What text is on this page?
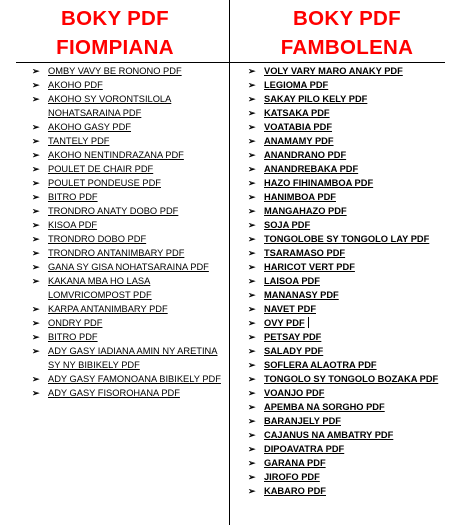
BOKY PDF
FIOMPIANA
BOKY PDF
FAMBOLENA
➢ OMBY VAVY BE RONONO PDF
➢ AKOHO PDF
➢ AKOHO SY VORONTSILOLA NOHATSARAINA PDF
➢ AKOHO GASY PDF
➢ TANTELY PDF
➢ AKOHO NENTINDRAZANA PDF
➢ POULET DE CHAIR PDF
➢ POULET PONDEUSE PDF
➢ BITRO PDF
➢ TRONDRO ANATY DOBO PDF
➢ KISOA PDF
➢ TRONDRO DOBO PDF
➢ TRONDRO ANTANIMBARY PDF
➢ GANA SY GISA NOHATSARAINA PDF
➢ KAKANA MBA HO LASA LOMVRICOMPOST PDF
➢ KARPA ANTANIMBARY PDF
➢ ONDRY PDF
➢ BITRO PDF
➢ ADY GASY IADIANA AMIN NY ARETINA SY NY BIBIKELY PDF
➢ ADY GASY FAMONOANA BIBIKELY PDF
➢ ADY GASY FISOROHANA PDF
➢ VOLY VARY MARO ANAKY PDF
➢ LEGIOMA PDF
➢ SAKAY PILO KELY PDF
➢ KATSAKA PDF
➢ VOATABIA PDF
➢ ANAMAMY PDF
➢ ANANDRANO PDF
➢ ANANDREBAKA PDF
➢ HAZO FIHINAMBOA PDF
➢ HANIMBOA PDF
➢ MANGAHAZO PDF
➢ SOJA PDF
➢ TONGOLOBE SY TONGOLO LAY PDF
➢ TSARAMASO PDF
➢ HARICOT VERT PDF
➢ LAISOA PDF
➢ MANANASY PDF
➢ NAVET PDF
➢ OVY PDF
➢ PETSAY PDF
➢ SALADY PDF
➢ SOFLERA ALAOTRA PDF
➢ TONGOLO SY TONGOLO BOZAKA PDF
➢ VOANJO PDF
➢ APEMBA NA SORGHO PDF
➢ BARANJELY PDF
➢ CAJANUS NA AMBATRY PDF
➢ DIPOAVATRA PDF
➢ GARANA PDF
➢ JIROFO PDF
➢ KABARO PDF
